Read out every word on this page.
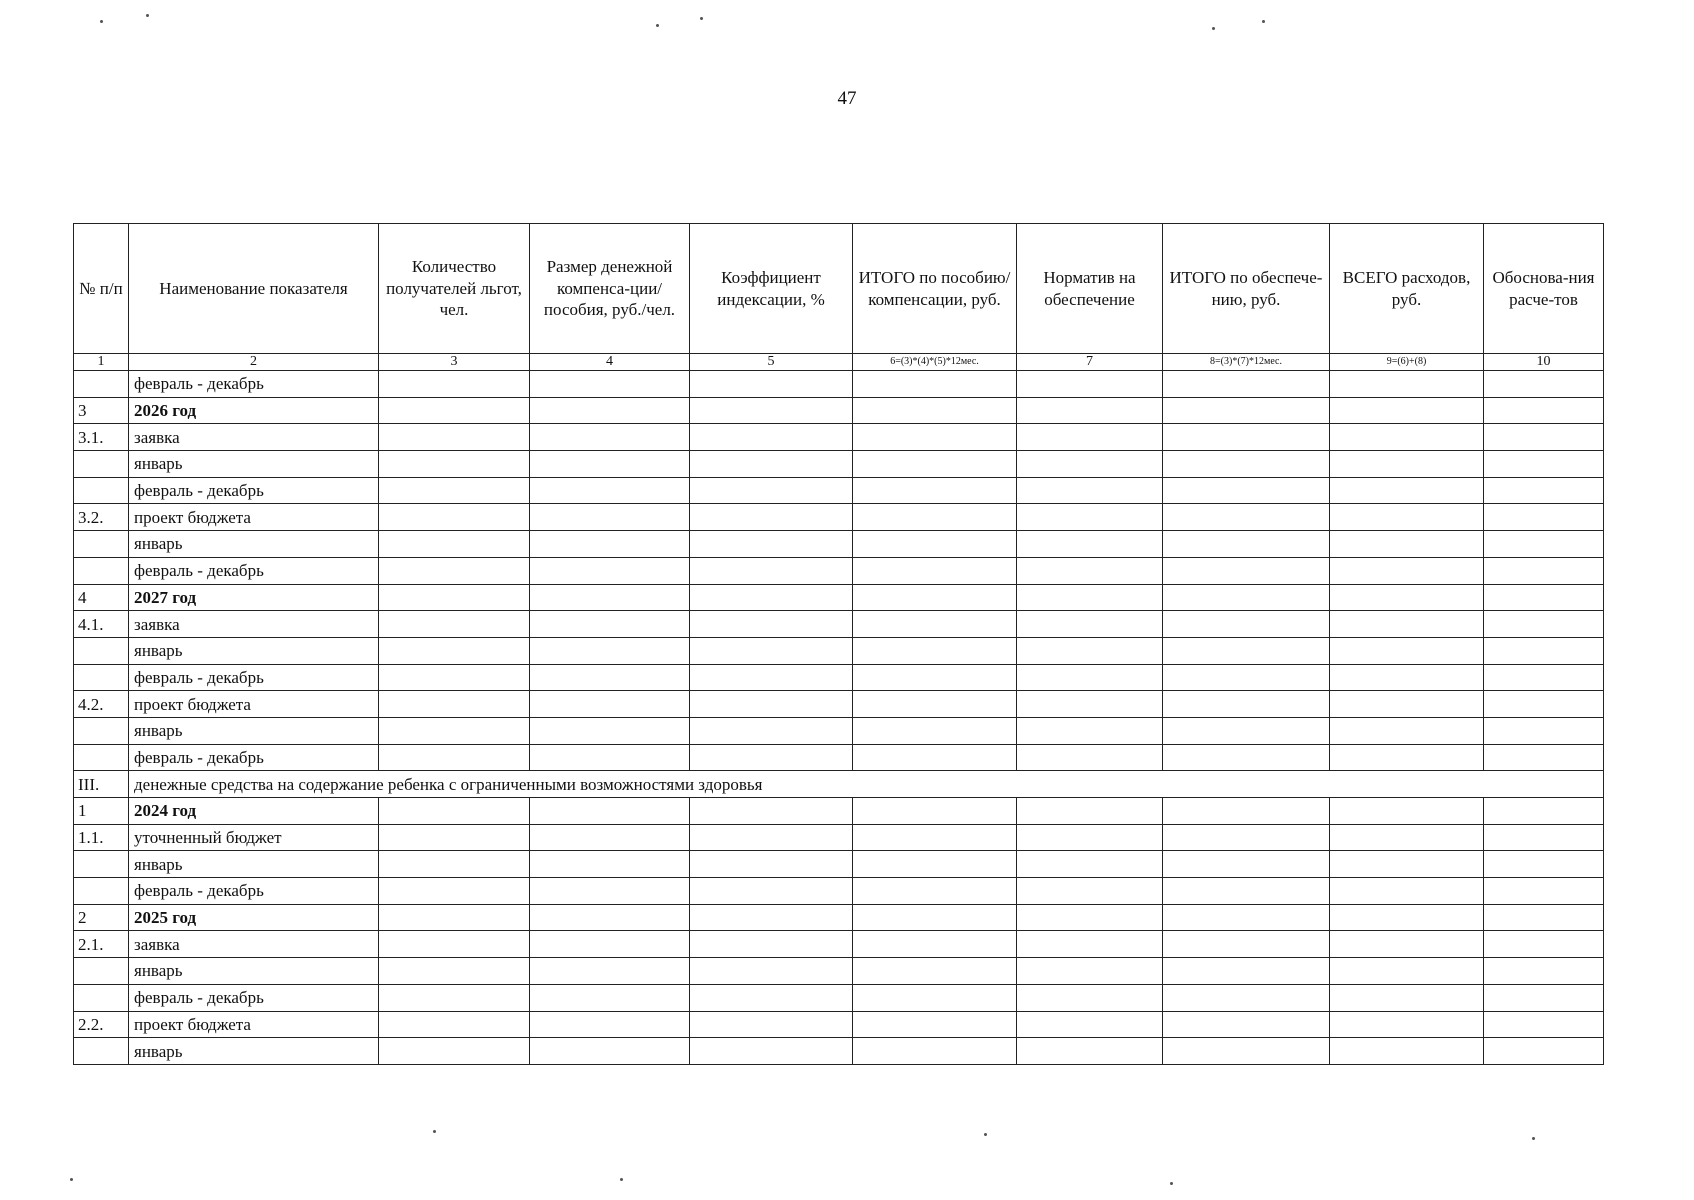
47
№ п/п	Наименование показателя	Количество получателей льгот, чел.	Размер денежной компенса-ции/пособия, руб./чел.	Коэффициент индексации, %	ИТОГО по пособию/ компенсации, руб.	Норматив на обеспечение	ИТОГО по обеспече-нию, руб.	ВСЕГО расходов, руб.	Обоснова-ния расче-тов
1	2	3	4	5	6=(3)*(4)*(5)*12мес.	7	8=(3)*(7)*12мес.	9=(6)+(8)	10
	февраль - декабрь								
3	2026 год								
3.1.	заявка								
	январь								
	февраль - декабрь								
3.2.	проект бюджета								
	январь								
	февраль - декабрь								
4	2027 год								
4.1.	заявка								
	январь								
	февраль - декабрь								
4.2.	проект бюджета								
	январь								
	февраль - декабрь								
III.	денежные средства на содержание ребенка с ограниченными возможностями здоровья								
1	2024 год								
1.1.	уточненный бюджет								
	январь								
	февраль - декабрь								
2	2025 год								
2.1.	заявка								
	январь								
	февраль - декабрь								
2.2.	проект бюджета								
	январь								
